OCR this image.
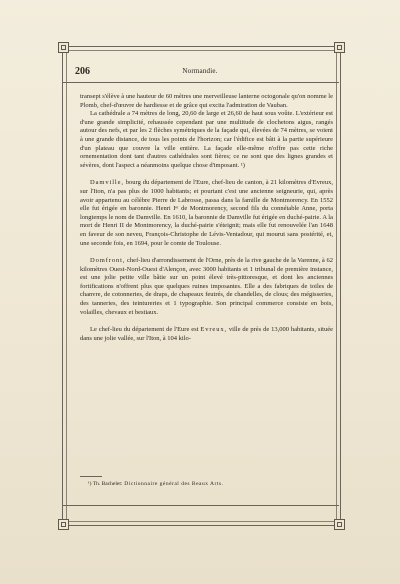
206	Normandie.

transept s'élève à une hauteur de 60 mètres une merveilleuse lanterne octogonale qu'on nomme le Plomb, chef-d'œuvre de hardiesse et de grâce qui excita l'admiration de Vauban.

La cathédrale a 74 mètres de long, 20,60 de large et 26,60 de haut sous voûte. L'extérieur est d'une grande simplicité, rehaussée cependant par une multitude de clochetons aigus, rangés autour des nefs, et par les 2 flèches symétriques de la façade qui, élevées de 74 mètres, se voient à une grande distance, de tous les points de l'horizon; car l'édifice est bâti à la partie supérieure d'un plateau que couvre la ville entière. La façade elle-même n'offre pas cette riche ornementation dont tant d'autres cathédrales sont fières; ce ne sont que des lignes grandes et sévères, dont l'aspect a néanmoins quelque chose d'imposant. ¹)

Damville, bourg du département de l'Eure, chef-lieu de canton, à 21 kilomètres d'Evreux, sur l'Iton, n'a pas plus de 1000 habitants; et pourtant c'est une ancienne seigneurie, qui, après avoir appartenu au célèbre Pierre de Labrosse, passa dans la famille de Montmorency. En 1552 elle fut érigée en baronnie. Henri Iᵉʳ de Montmorency, second fils du connétable Anne, porta longtemps le nom de Damville. En 1610, la baronnie de Damville fut érigée en duché-pairie. A la mort de Henri II de Montmorency, la duché-pairie s'éteignit; mais elle fut renouvelée l'an 1648 en faveur de son neveu, François-Christophe de Lévis-Ventadour, qui mourut sans postérité, et, une seconde fois, en 1694, pour le comte de Toulouse.

Domfront, chef-lieu d'arrondissement de l'Orne, près de la rive gauche de la Varenne, à 62 kilomètres Ouest-Nord-Ouest d'Alençon, avec 3000 habitants et 1 tribunal de première instance, est une jolie petite ville bâtie sur un point élevé très-pittoresque, et dont les anciennes fortifications n'offrent plus que quelques ruines imposantes. Elle a des fabriques de toiles de chanvre, de cotonneries, de draps, de chapeaux feutrés, de chandelles, de clous; des mégisseries, des tanneries, des teintureries et 1 typographie. Son principal commerce consiste en bois, volailles, chevaux et bestiaux.

Le chef-lieu du département de l'Eure est Evreux, ville de près de 13,000 habitants, située dans une jolie vallée, sur l'Iton, à 104 kilo-

¹) Th. Bachelet: Dictionnaire général des Beaux Arts.
